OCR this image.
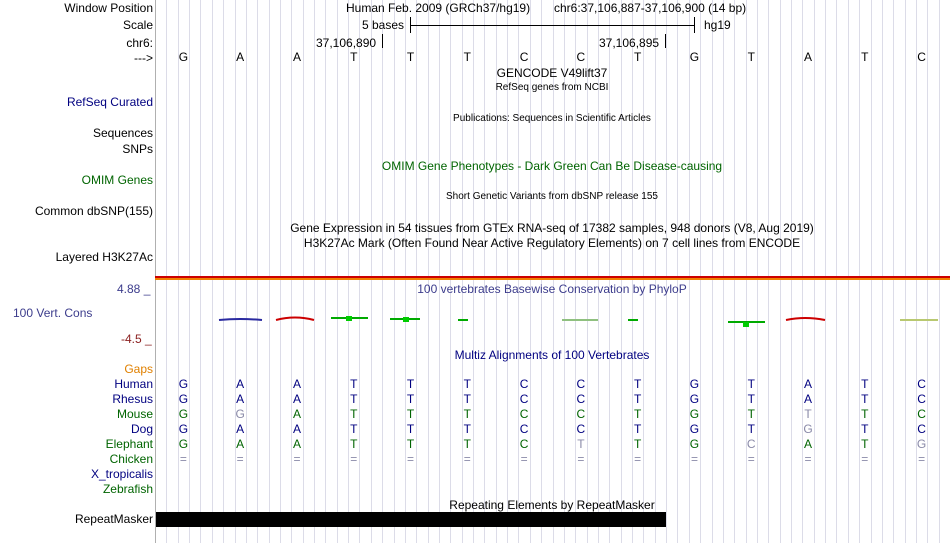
Window Position
Scale
chr6:
--->
Human Feb. 2009 (GRCh37/hg19) chr6:37,106,887-37,106,900 (14 bp)
5 bases	hg19
37,106,890	37,106,895
G	A	A	T	T	T	C	C	T	G	T	A	T	C
GENCODE V49lift37
RefSeq genes from NCBI
RefSeq Curated
Publications: Sequences in Scientific Articles
Sequences
SNPs
OMIM Gene Phenotypes - Dark Green Can Be Disease-causing
OMIM Genes
Short Genetic Variants from dbSNP release 155
Common dbSNP(155)
Gene Expression in 54 tissues from GTEx RNA-seq of 17382 samples, 948 donors (V8, Aug 2019)
H3K27Ac Mark (Often Found Near Active Regulatory Elements) on 7 cell lines from ENCODE
Layered H3K27Ac
100 vertebrates Basewise Conservation by PhyloP
4.88 _
100 Vert. Cons
-4.5 _
Multiz Alignments of 100 Vertebrates
Gaps
Human G	A	A	T	T	T	C	C	T	G	T	A	T	C
Rhesus G	A	A	T	T	T	C	C	T	G	T	A	T	C
Mouse G	G	A	T	T	T	C	C	T	G	T	T	T	C
Dog G	A	A	T	T	T	C	C	T	G	T	G	T	C
Elephant G	A	A	T	T	T	C	T	T	G	C	A	T	G
Chicken =	=	=	=	=	=	=	=	=	=	=	=	=	=
X_tropicalis
Zebrafish
Repeating Elements by RepeatMasker
RepeatMasker
